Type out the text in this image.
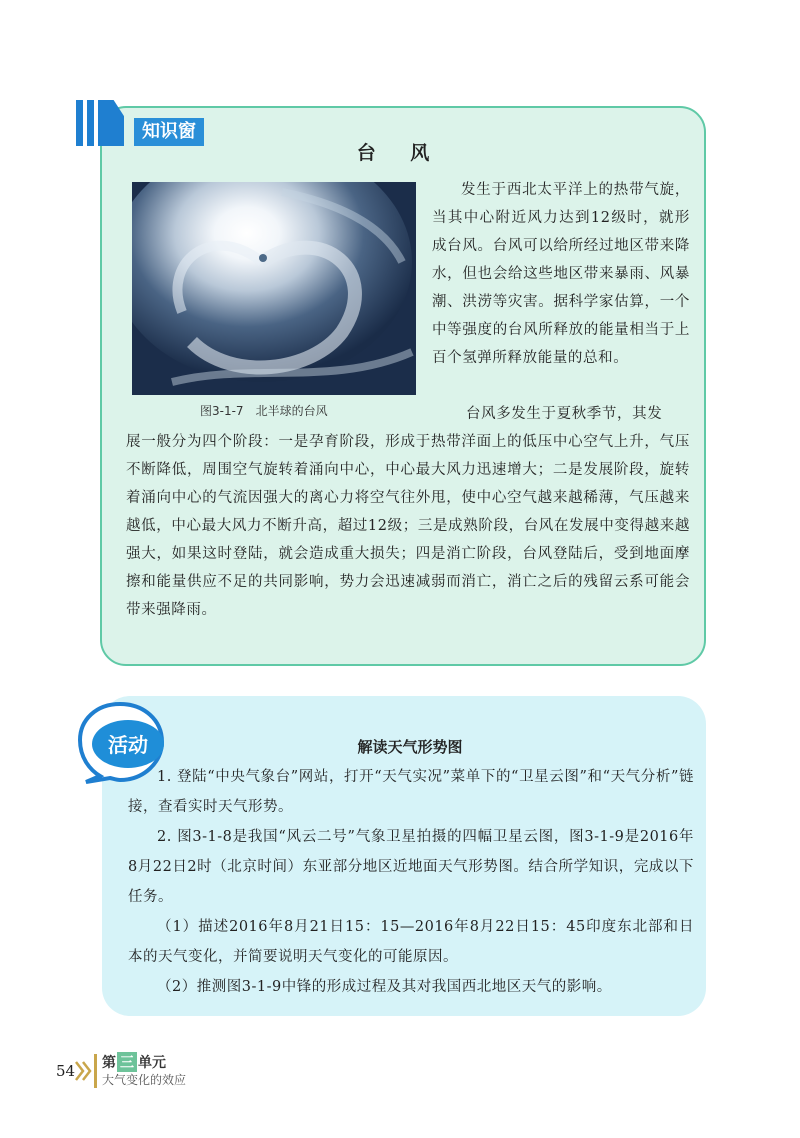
知识窗
台 风
图3-1-7　北半球的台风
发生于西北太平洋上的热带气旋，当其中心附近风力达到12级时，就形成台风。台风可以给所经过地区带来降水，但也会给这些地区带来暴雨、风暴潮、洪涝等灾害。据科学家估算，一个中等强度的台风所释放的能量相当于上百个氢弹所释放能量的总和。
台风多发生于夏秋季节，其发
展一般分为四个阶段：一是孕育阶段，形成于热带洋面上的低压中心空气上升，气压不断降低，周围空气旋转着涌向中心，中心最大风力迅速增大；二是发展阶段，旋转着涌向中心的气流因强大的离心力将空气往外甩，使中心空气越来越稀薄，气压越来越低，中心最大风力不断升高，超过12级；三是成熟阶段，台风在发展中变得越来越强大，如果这时登陆，就会造成重大损失；四是消亡阶段，台风登陆后，受到地面摩擦和能量供应不足的共同影响，势力会迅速减弱而消亡，消亡之后的残留云系可能会带来强降雨。
活动	解读天气形势图

1. 登陆“中央气象台”网站，打开“天气实况”菜单下的“卫星云图”和“天气分析”链接，查看实时天气形势。

2. 图3-1-8是我国“风云二号”气象卫星拍摄的四幅卫星云图，图3-1-9是2016年8月22日2时（北京时间）东亚部分地区近地面天气形势图。结合所学知识，完成以下任务。

（1）描述2016年8月21日15：15—2016年8月22日15：45印度东北部和日本的天气变化，并简要说明天气变化的可能原因。

（2）推测图3-1-9中锋的形成过程及其对我国西北地区天气的影响。

54 第 三 单元
大气变化的效应
